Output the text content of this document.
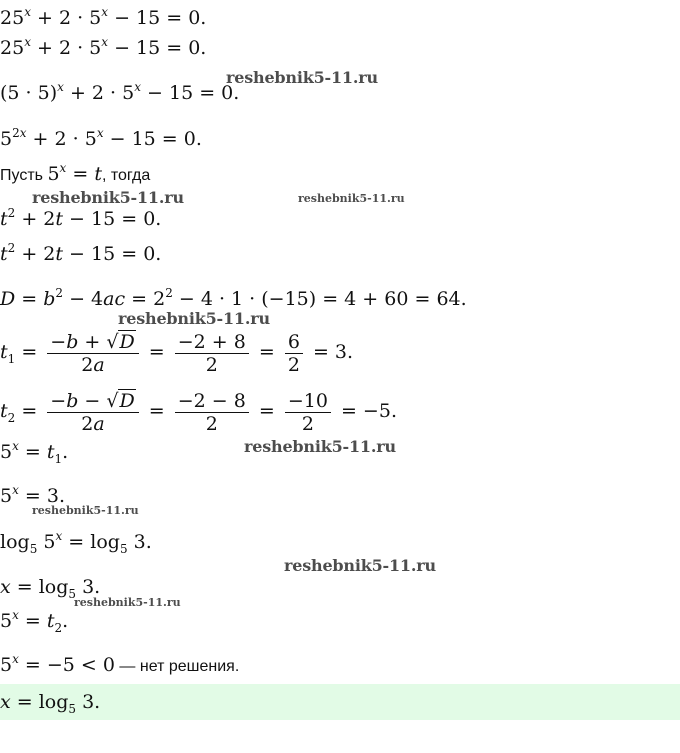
$25^x + 2 \cdot 5^x - 15 = 0$.
$25^x + 2 \cdot 5^x - 15 = 0$.
$(5 \cdot 5)^x + 2 \cdot 5^x - 15 = 0$.
$5^{2x} + 2 \cdot 5^x - 15 = 0$.
Пусть $5^x = t$, тогда
$t^2 + 2t - 15 = 0$.
$t^2 + 2t - 15 = 0$.
$D = b^2 - 4ac = 2^2 - 4 \cdot 1 \cdot (-15) = 4 + 60 = 64$.
$t_1 = \frac{-b + √D}{2a} = \frac{-2 + 8}{2} = \frac{6}{2} = 3$.
$t_2 = \frac{-b - √D}{2a} = \frac{-2 - 8}{2} = \frac{-10}{2} = -5$.
$5^x = t_1$.
$5^x = 3$.
$\log_5 5^x = \log_5 3$.
$x = \log_5 3$.
$5^x = t_2$.
$5^x = -5 < 0$ — нет решения.
$x = \log_5 3$.
reshebnik5-11.ru
reshebnik5-11.ru	reshebnik5-11.ru
reshebnik5-11.ru
reshebnik5-11.ru
reshebnik5-11.ru
reshebnik5-11.ru
reshebnik5-11.ru
